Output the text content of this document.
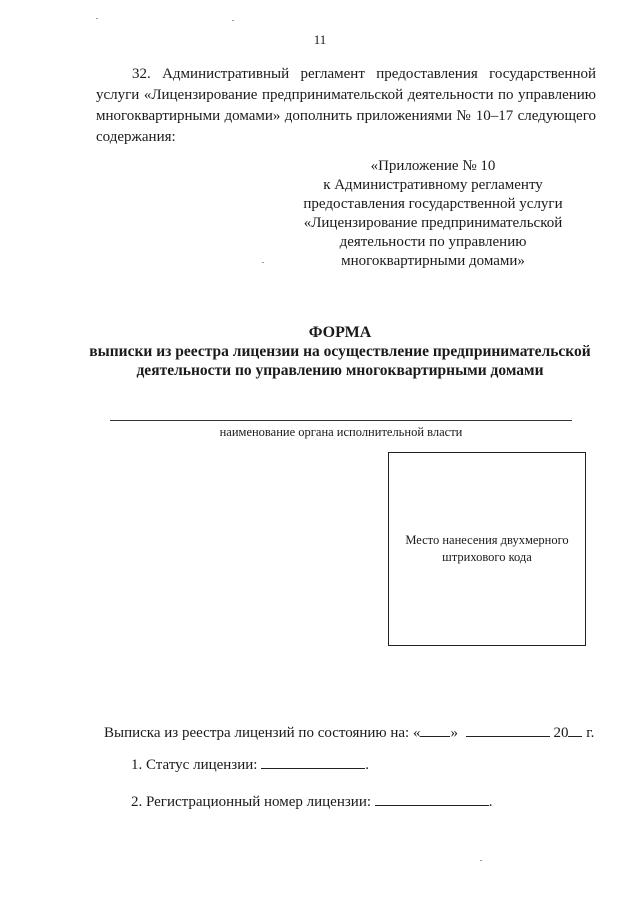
11

32. Административный регламент предоставления государственной услуги «Лицензирование предпринимательской деятельности по управлению многоквартирными домами» дополнить приложениями № 10–17 следующего содержания:

«Приложение № 10
к Административному регламенту
предоставления государственной услуги
«Лицензирование предпринимательской
деятельности по управлению
многоквартирными домами»
ФОРМА
выписки из реестра лицензии на осуществление предпринимательской
деятельности по управлению многоквартирными домами
наименование органа исполнительной власти
Место нанесения двухмерного штрихового кода
Выписка из реестра лицензий по состоянию на: « »	20 г.
1. Статус лицензии:	.
2. Регистрационный номер лицензии:	.
